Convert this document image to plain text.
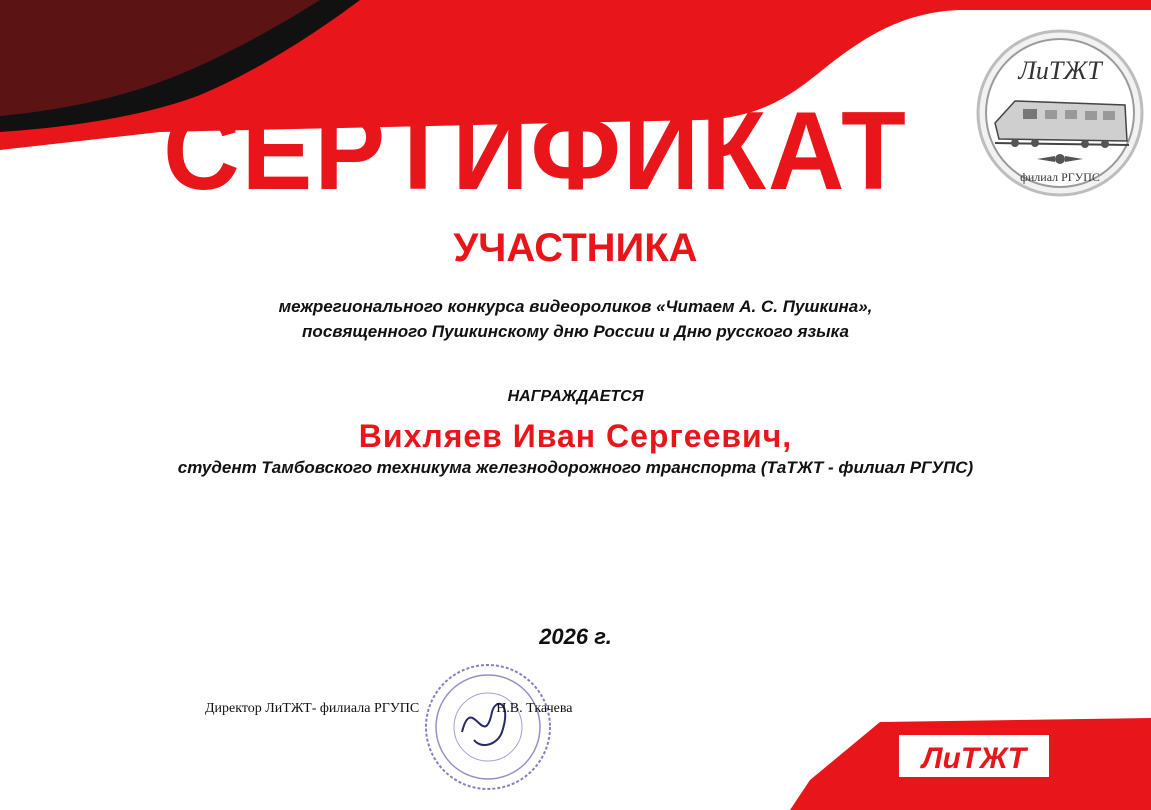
СЕРТИФИКАТ
УЧАСТНИКА
межрегионального конкурса видеороликов «Читаем А. С. Пушкина»,
посвященного Пушкинскому дню России и Дню русского языка
НАГРАЖДАЕТСЯ
Вихляев Иван Сергеевич,
студент Тамбовского техникума железнодорожного транспорта (ТаТЖТ - филиал РГУПС)
2026 г.
ЛиТЖТ
филиал РГУПС
Директор ЛиТЖТ- филиала РГУПС	Н.В. Ткачева
ЛиТЖТ
